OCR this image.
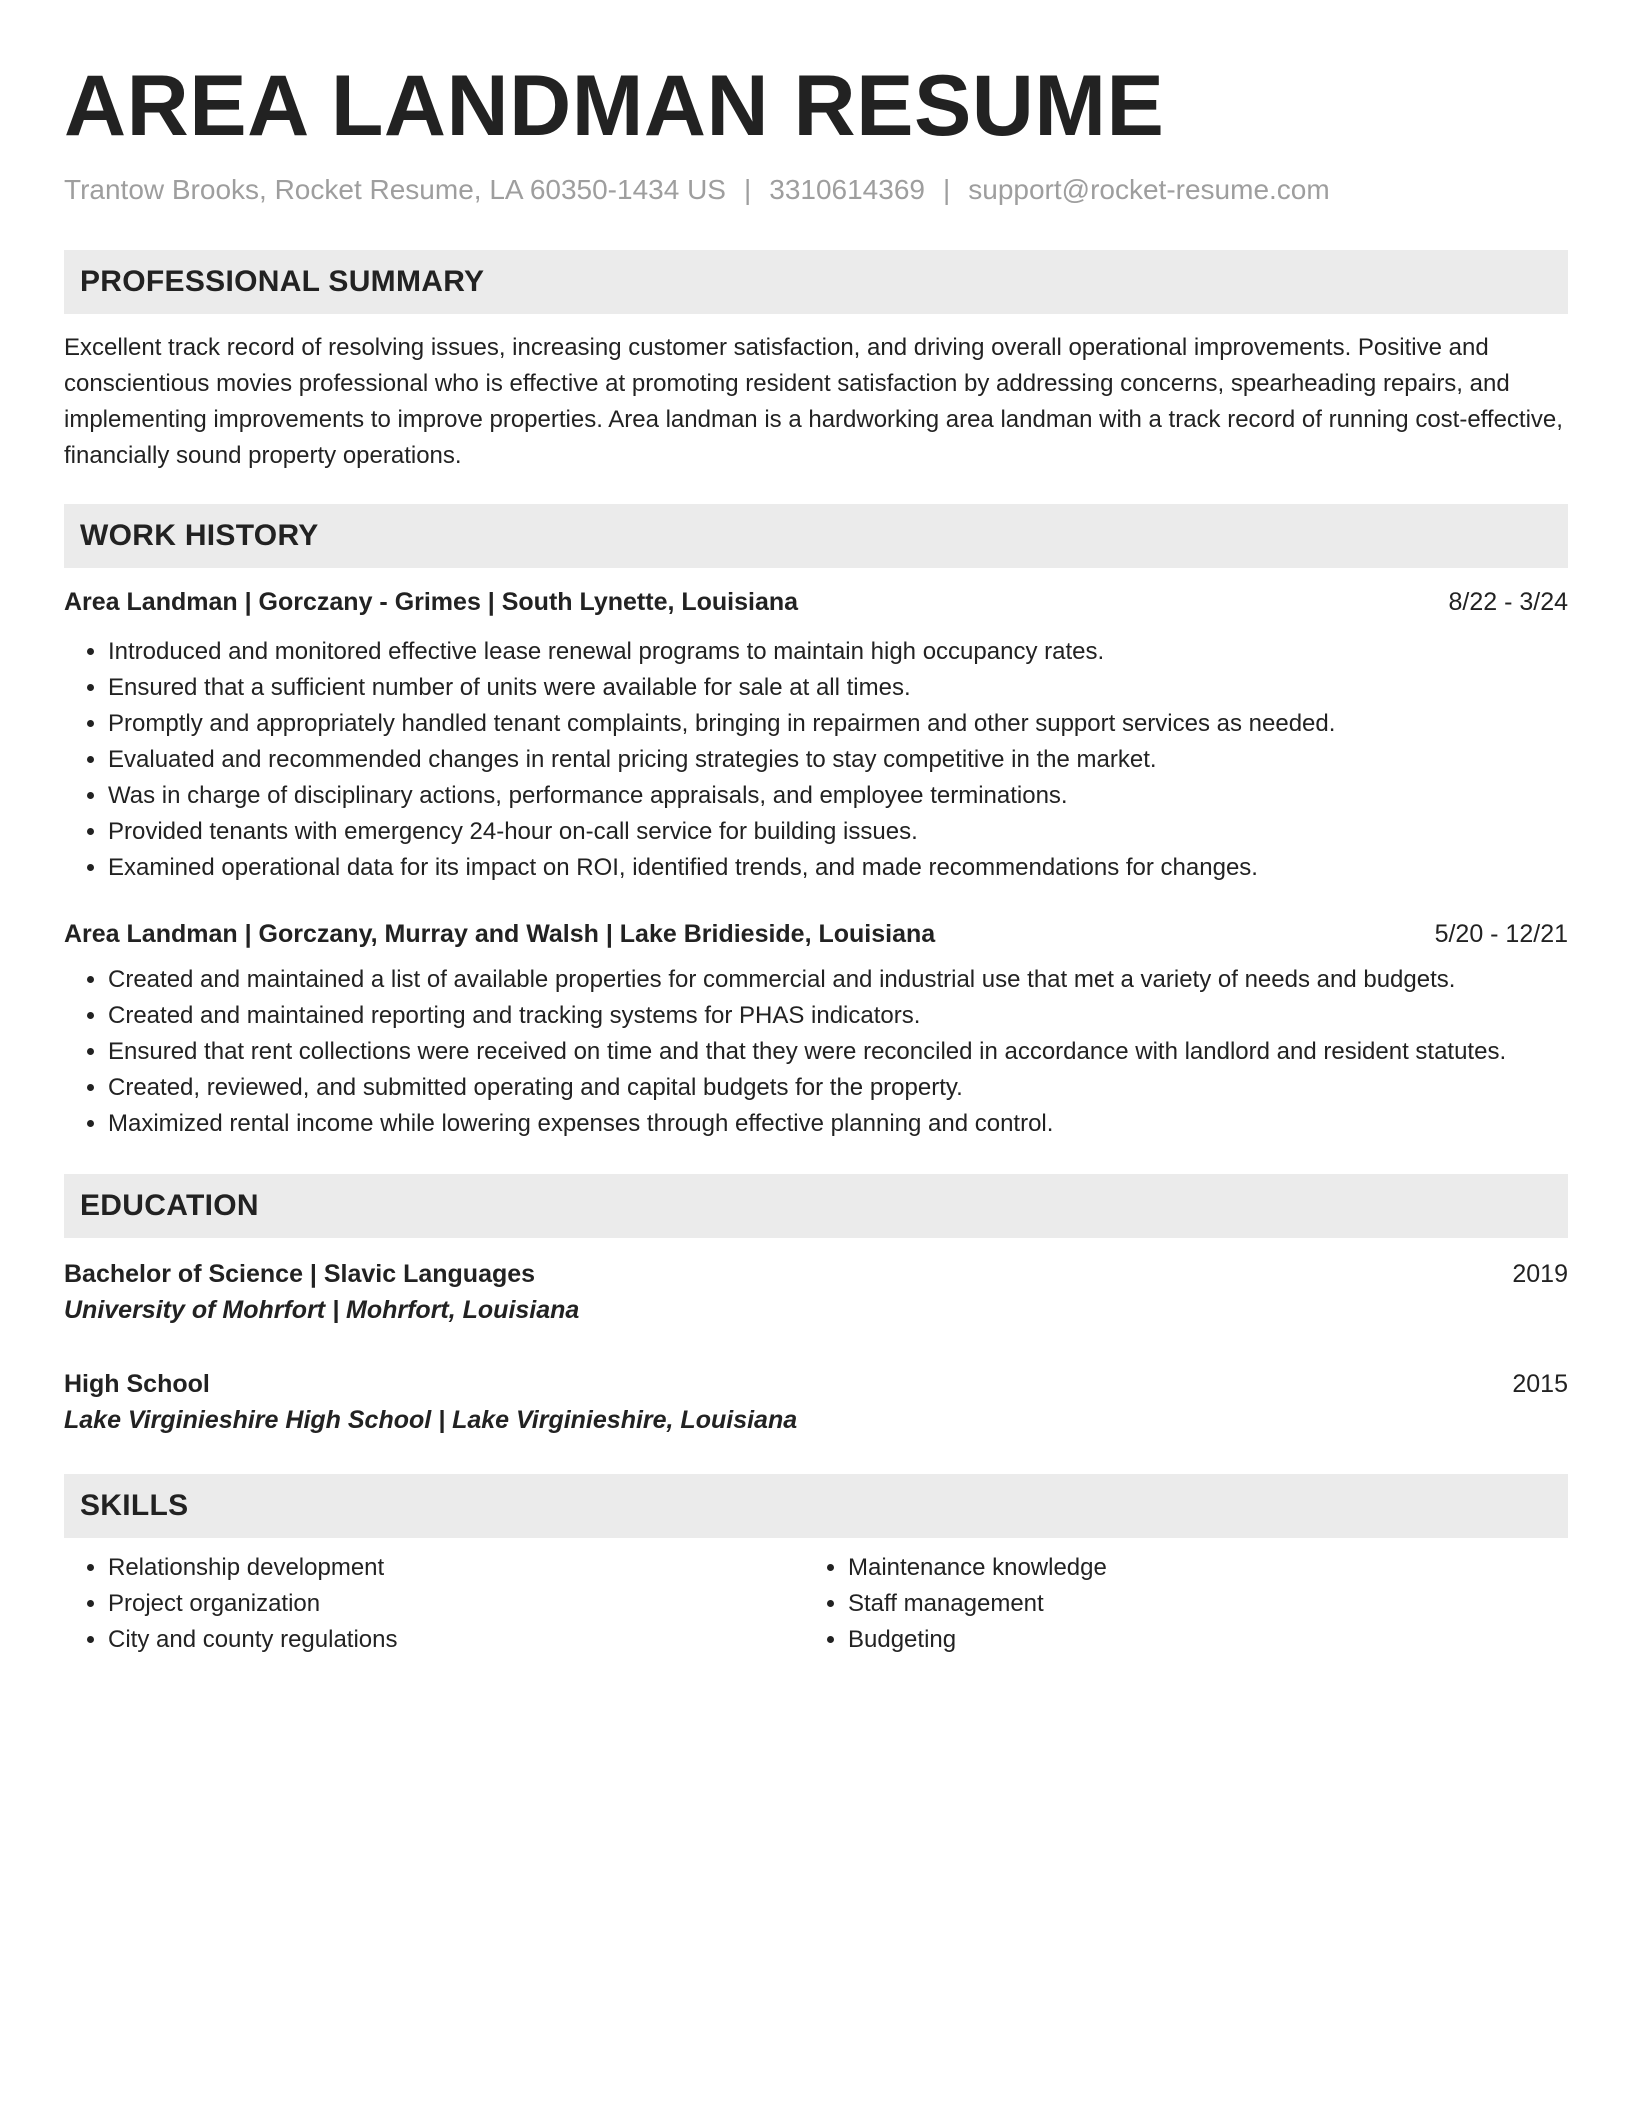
AREA LANDMAN RESUME
Trantow Brooks, Rocket Resume, LA 60350-1434 US | 3310614369 | support@rocket-resume.com
PROFESSIONAL SUMMARY

Excellent track record of resolving issues, increasing customer satisfaction, and driving overall operational improvements. Positive and conscientious movies professional who is effective at promoting resident satisfaction by addressing concerns, spearheading repairs, and implementing improvements to improve properties. Area landman is a hardworking area landman with a track record of running cost-effective, financially sound property operations.

WORK HISTORY
Area Landman | Gorczany - Grimes | South Lynette, Louisiana	8/22 - 3/24
• Introduced and monitored effective lease renewal programs to maintain high occupancy rates.
• Ensured that a sufficient number of units were available for sale at all times.
• Promptly and appropriately handled tenant complaints, bringing in repairmen and other support services as needed.
• Evaluated and recommended changes in rental pricing strategies to stay competitive in the market.
• Was in charge of disciplinary actions, performance appraisals, and employee terminations.
• Provided tenants with emergency 24-hour on-call service for building issues.
• Examined operational data for its impact on ROI, identified trends, and made recommendations for changes.
Area Landman | Gorczany, Murray and Walsh | Lake Bridieside, Louisiana	5/20 - 12/21
• Created and maintained a list of available properties for commercial and industrial use that met a variety of needs and budgets.
• Created and maintained reporting and tracking systems for PHAS indicators.
• Ensured that rent collections were received on time and that they were reconciled in accordance with landlord and resident statutes.
• Created, reviewed, and submitted operating and capital budgets for the property.
• Maximized rental income while lowering expenses through effective planning and control.
EDUCATION
Bachelor of Science | Slavic Languages	2019
University of Mohrfort | Mohrfort, Louisiana
High School	2015
Lake Virginieshire High School | Lake Virginieshire, Louisiana
SKILLS
• Relationship development
• Project organization
• City and county regulations
• Maintenance knowledge
• Staff management
• Budgeting
